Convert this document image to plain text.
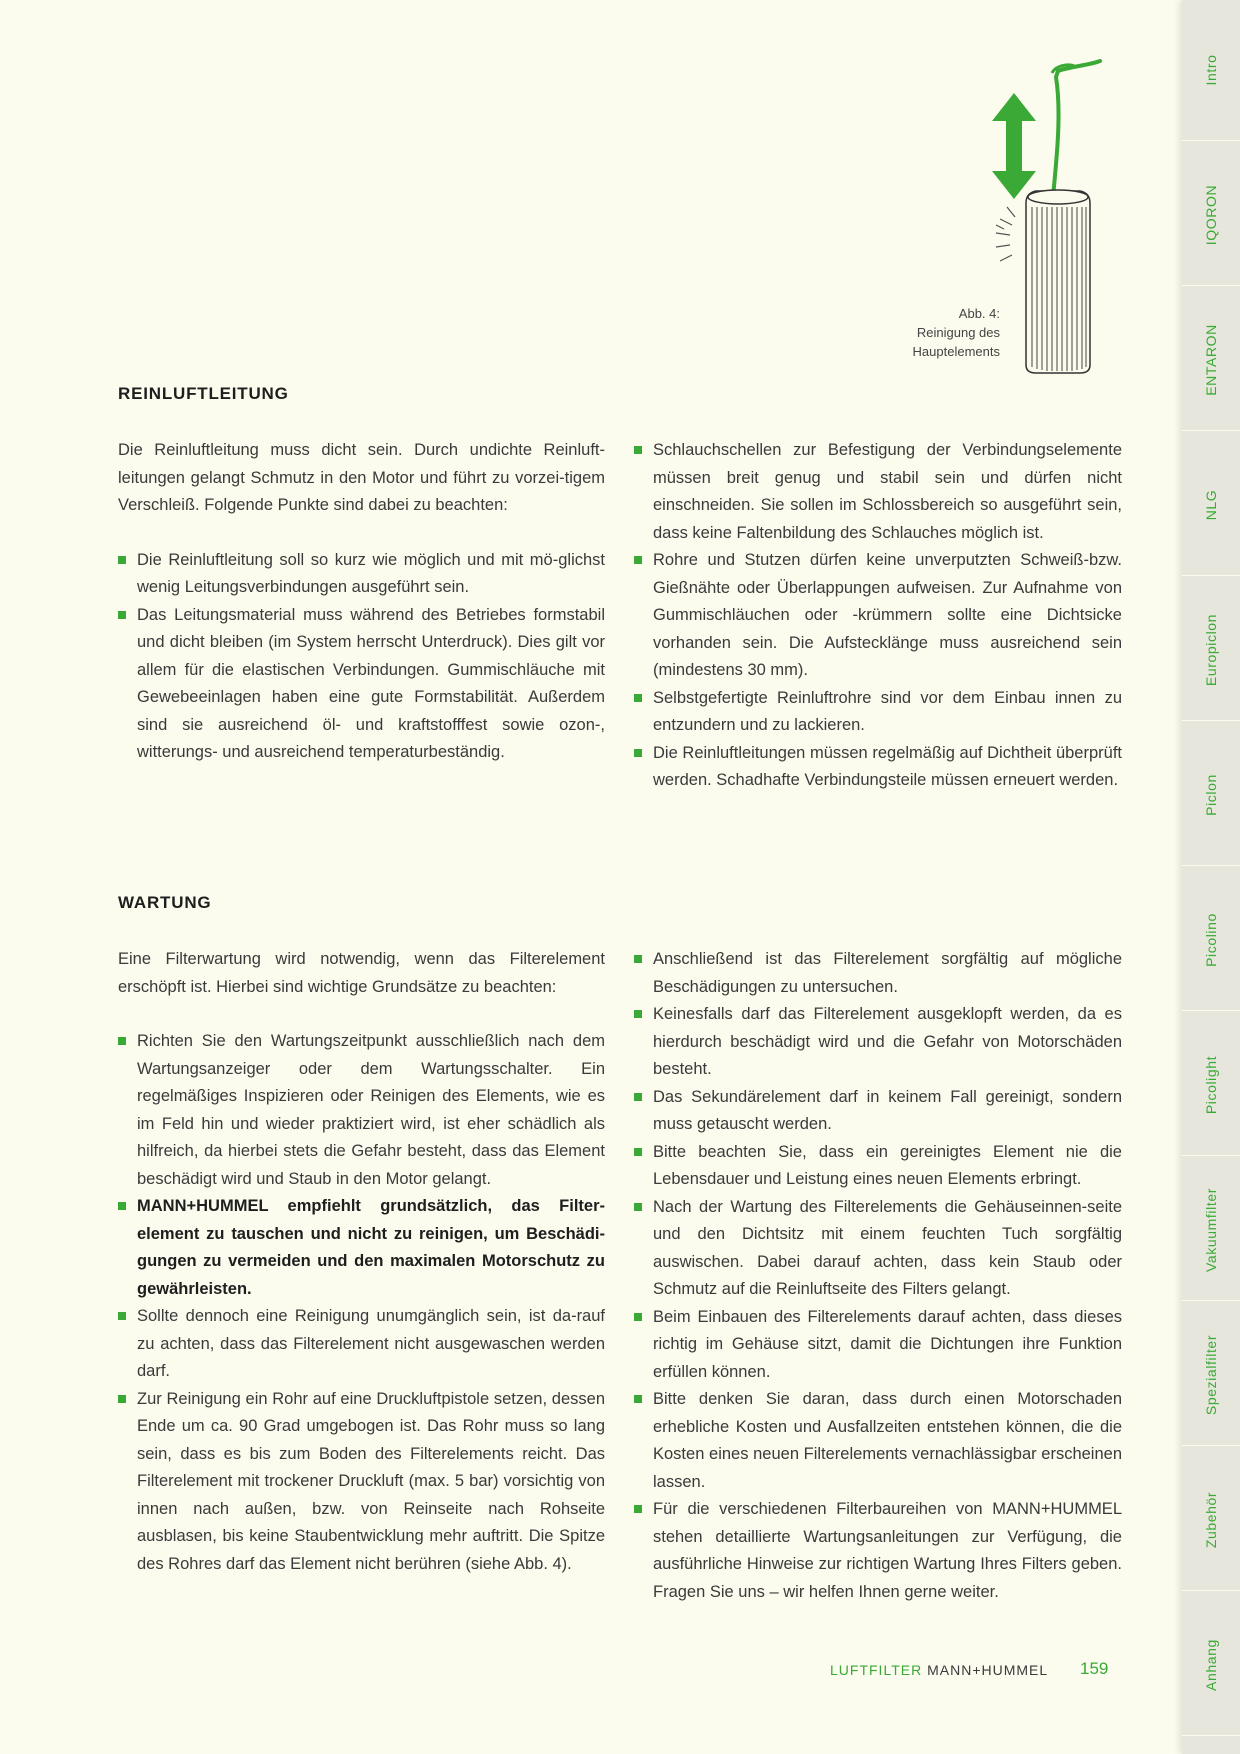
Intro
IQORON
ENTARON
NLG
Europiclon
Piclon
Picolino
Picolight
Vakuumfilter
Spezialfilter
Zubehör
Anhang
Abb. 4:
Reinigung des
Hauptelements
REINLUFTLEITUNG

Die Reinluftleitung muss dicht sein. Durch undichte Reinluft-leitungen gelangt Schmutz in den Motor und führt zu vorzei-tigem Verschleiß. Folgende Punkte sind dabei zu beachten:

Die Reinluftleitung soll so kurz wie möglich und mit mö-glichst wenig Leitungsverbindungen ausgeführt sein.
Das Leitungsmaterial muss während des Betriebes formstabil und dicht bleiben (im System herrscht Unterdruck). Dies gilt vor allem für die elastischen Verbindungen. Gummischläuche mit Gewebeeinlagen haben eine gute Formstabilität. Außerdem sind sie ausreichend öl- und kraftstofffest sowie ozon-, witterungs- und ausreichend temperaturbeständig.
Schlauchschellen zur Befestigung der Verbindungselemente müssen breit genug und stabil sein und dürfen nicht einschneiden. Sie sollen im Schlossbereich so ausgeführt sein, dass keine Faltenbildung des Schlauches möglich ist.
Rohre und Stutzen dürfen keine unverputzten Schweiß-bzw. Gießnähte oder Überlappungen aufweisen. Zur Aufnahme von Gummischläuchen oder -krümmern sollte eine Dichtsicke vorhanden sein. Die Aufstecklänge muss ausreichend sein (mindestens 30 mm).
Selbstgefertigte Reinluftrohre sind vor dem Einbau innen zu entzundern und zu lackieren.
Die Reinluftleitungen müssen regelmäßig auf Dichtheit überprüft werden. Schadhafte Verbindungsteile müssen erneuert werden.
WARTUNG

Eine Filterwartung wird notwendig, wenn das Filterelement erschöpft ist. Hierbei sind wichtige Grundsätze zu beachten:

Richten Sie den Wartungszeitpunkt ausschließlich nach dem Wartungsanzeiger oder dem Wartungsschalter. Ein regelmäßiges Inspizieren oder Reinigen des Elements, wie es im Feld hin und wieder praktiziert wird, ist eher schädlich als hilfreich, da hierbei stets die Gefahr besteht, dass das Element beschädigt wird und Staub in den Motor gelangt.
MANN+HUMMEL empfiehlt grundsätzlich, das Filter-element zu tauschen und nicht zu reinigen, um Beschädi-gungen zu vermeiden und den maximalen Motorschutz zu gewährleisten.
Sollte dennoch eine Reinigung unumgänglich sein, ist da-rauf zu achten, dass das Filterelement nicht ausgewaschen werden darf.
Zur Reinigung ein Rohr auf eine Druckluftpistole setzen, dessen Ende um ca. 90 Grad umgebogen ist. Das Rohr muss so lang sein, dass es bis zum Boden des Filterelements reicht. Das Filterelement mit trockener Druckluft (max. 5 bar) vorsichtig von innen nach außen, bzw. von Reinseite nach Rohseite ausblasen, bis keine Staubentwicklung mehr auftritt. Die Spitze des Rohres darf das Element nicht berühren (siehe Abb. 4).
Anschließend ist das Filterelement sorgfältig auf mögliche Beschädigungen zu untersuchen.
Keinesfalls darf das Filterelement ausgeklopft werden, da es hierdurch beschädigt wird und die Gefahr von Motorschäden besteht.
Das Sekundärelement darf in keinem Fall gereinigt, sondern muss getauscht werden.
Bitte beachten Sie, dass ein gereinigtes Element nie die Lebensdauer und Leistung eines neuen Elements erbringt.
Nach der Wartung des Filterelements die Gehäuseinnen-seite und den Dichtsitz mit einem feuchten Tuch sorgfältig auswischen. Dabei darauf achten, dass kein Staub oder Schmutz auf die Reinluftseite des Filters gelangt.
Beim Einbauen des Filterelements darauf achten, dass dieses richtig im Gehäuse sitzt, damit die Dichtungen ihre Funktion erfüllen können.
Bitte denken Sie daran, dass durch einen Motorschaden erhebliche Kosten und Ausfallzeiten entstehen können, die die Kosten eines neuen Filterelements vernachlässigbar erscheinen lassen.
Für die verschiedenen Filterbaureihen von MANN+HUMMEL stehen detaillierte Wartungsanleitungen zur Verfügung, die ausführliche Hinweise zur richtigen Wartung Ihres Filters geben. Fragen Sie uns – wir helfen Ihnen gerne weiter.
LUFTFILTER MANN+HUMMEL 159
